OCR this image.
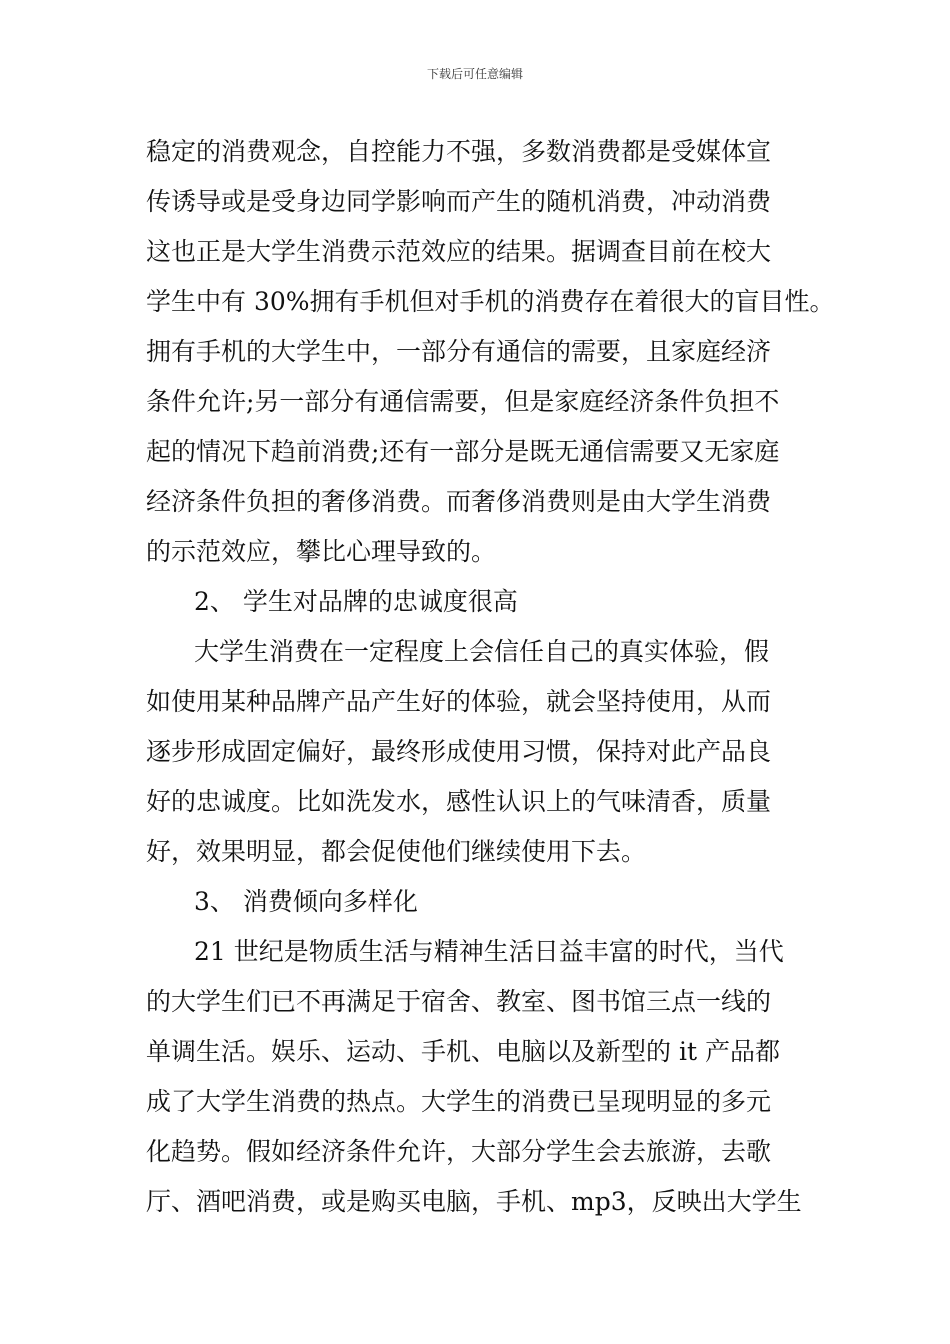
下载后可任意编辑
稳定的消费观念，自控能力不强，多数消费都是受媒体宣
传诱导或是受身边同学影响而产生的随机消费，冲动消费
这也正是大学生消费示范效应的结果。据调查目前在校大
学生中有 30%拥有手机但对手机的消费存在着很大的盲目性。
拥有手机的大学生中，一部分有通信的需要，且家庭经济
条件允许;另一部分有通信需要，但是家庭经济条件负担不
起的情况下趋前消费;还有一部分是既无通信需要又无家庭
经济条件负担的奢侈消费。而奢侈消费则是由大学生消费
的示范效应，攀比心理导致的。
2、 学生对品牌的忠诚度很高
大学生消费在一定程度上会信任自己的真实体验，假
如使用某种品牌产品产生好的体验，就会坚持使用，从而
逐步形成固定偏好，最终形成使用习惯，保持对此产品良
好的忠诚度。比如洗发水，感性认识上的气味清香，质量
好，效果明显，都会促使他们继续使用下去。
3、 消费倾向多样化
21 世纪是物质生活与精神生活日益丰富的时代，当代
的大学生们已不再满足于宿舍、教室、图书馆三点一线的
单调生活。娱乐、运动、手机、电脑以及新型的 it 产品都
成了大学生消费的热点。大学生的消费已呈现明显的多元
化趋势。假如经济条件允许，大部分学生会去旅游，去歌
厅、酒吧消费，或是购买电脑，手机、mp3，反映出大学生
